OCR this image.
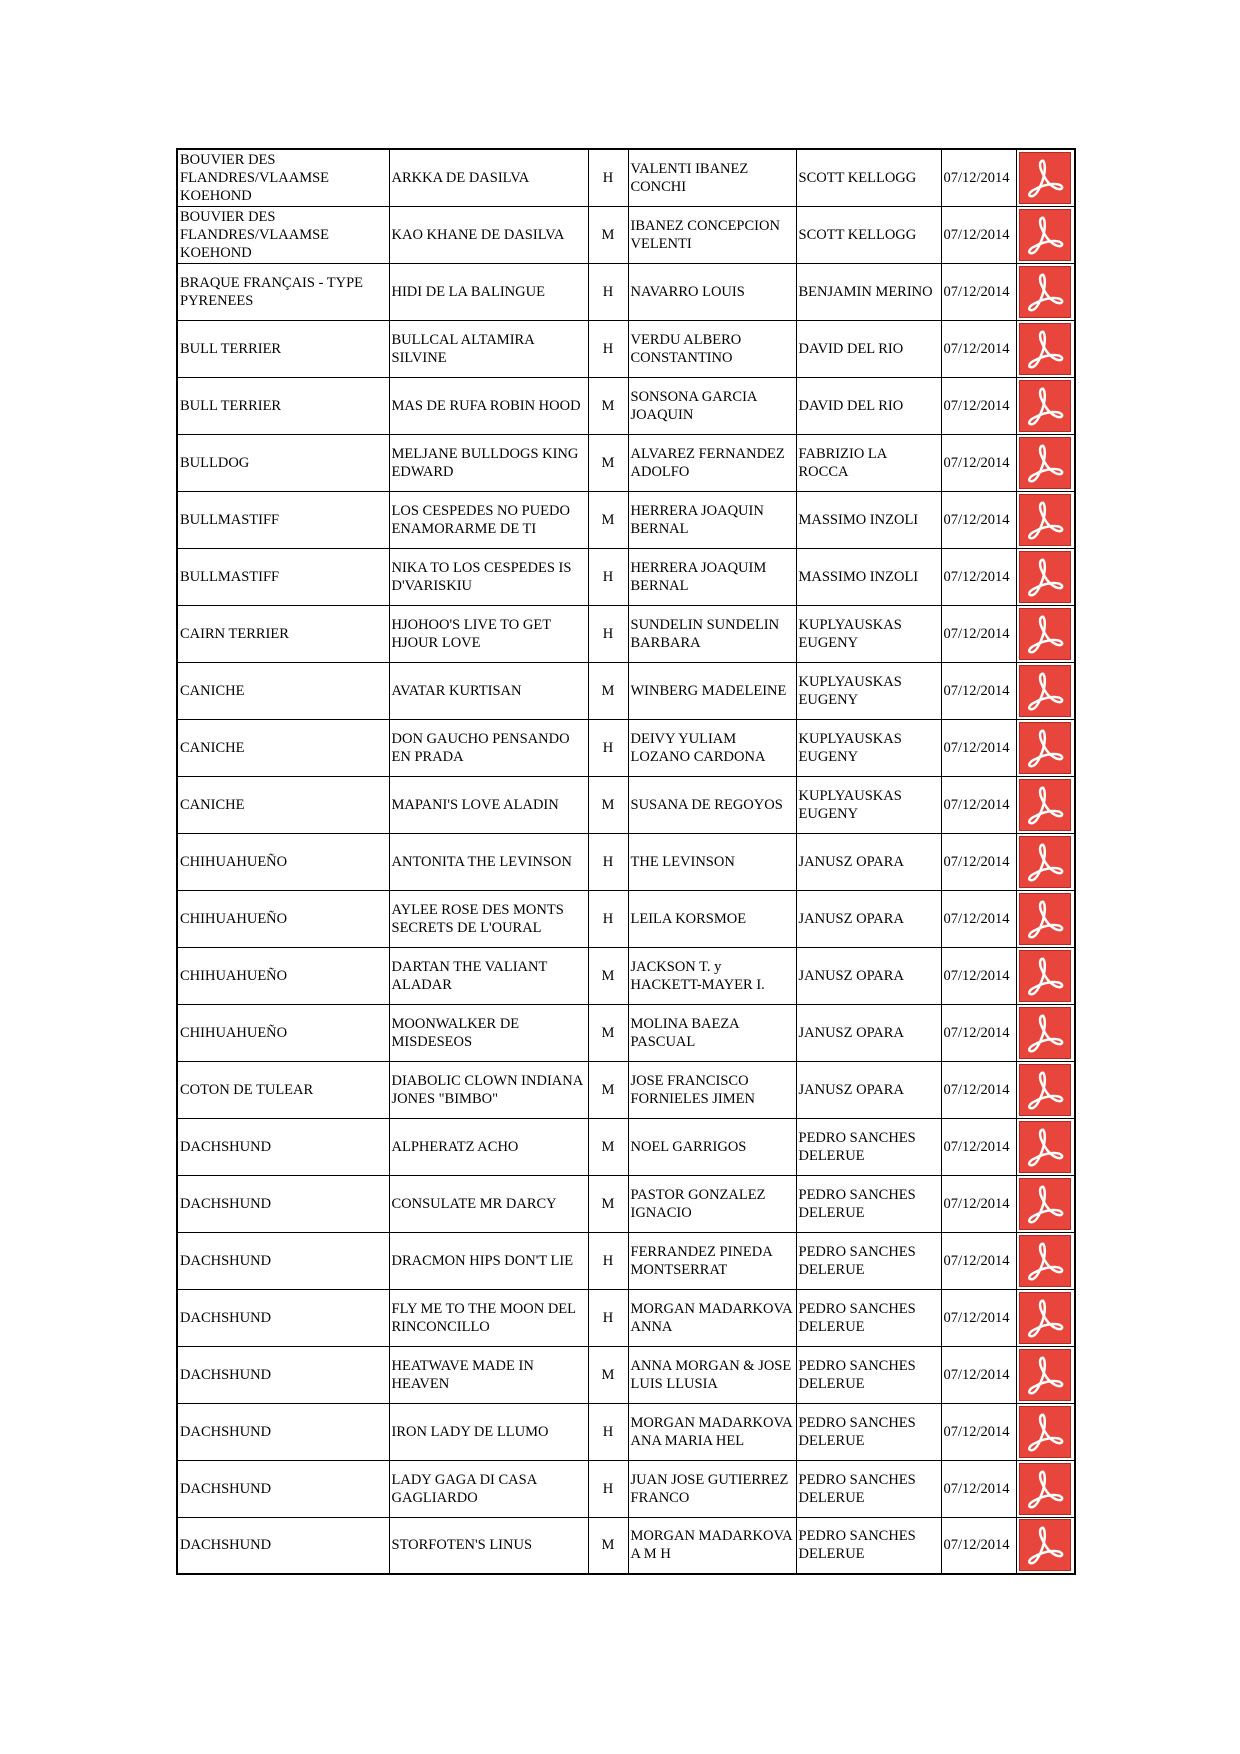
BOUVIER DES FLANDRES/VLAAMSE KOEHOND	ARKKA DE DASILVA	H	VALENTI IBANEZ CONCHI	SCOTT KELLOGG	07/12/2014	

BOUVIER DES FLANDRES/VLAAMSE KOEHOND	KAO KHANE DE DASILVA	M	IBANEZ CONCEPCION VELENTI	SCOTT KELLOGG	07/12/2014	

BRAQUE FRANÇAIS - TYPE PYRENEES	HIDI DE LA BALINGUE	H	NAVARRO LOUIS	BENJAMIN MERINO	07/12/2014	

BULL TERRIER	BULLCAL ALTAMIRA SILVINE	H	VERDU ALBERO CONSTANTINO	DAVID DEL RIO	07/12/2014	

BULL TERRIER	MAS DE RUFA ROBIN HOOD	M	SONSONA GARCIA JOAQUIN	DAVID DEL RIO	07/12/2014	

BULLDOG	MELJANE BULLDOGS KING EDWARD	M	ALVAREZ FERNANDEZ ADOLFO	FABRIZIO LA ROCCA	07/12/2014	

BULLMASTIFF	LOS CESPEDES NO PUEDO ENAMORARME DE TI	M	HERRERA JOAQUIN BERNAL	MASSIMO INZOLI	07/12/2014	

BULLMASTIFF	NIKA TO LOS CESPEDES IS D'VARISKIU	H	HERRERA JOAQUIM BERNAL	MASSIMO INZOLI	07/12/2014	

CAIRN TERRIER	HJOHOO'S LIVE TO GET HJOUR LOVE	H	SUNDELIN SUNDELIN BARBARA	KUPLYAUSKAS EUGENY	07/12/2014	

CANICHE	AVATAR KURTISAN	M	WINBERG MADELEINE	KUPLYAUSKAS EUGENY	07/12/2014	

CANICHE	DON GAUCHO PENSANDO EN PRADA	H	DEIVY YULIAM LOZANO CARDONA	KUPLYAUSKAS EUGENY	07/12/2014	

CANICHE	MAPANI'S LOVE ALADIN	M	SUSANA DE REGOYOS	KUPLYAUSKAS EUGENY	07/12/2014	

CHIHUAHUEÑO	ANTONITA THE LEVINSON	H	THE LEVINSON	JANUSZ OPARA	07/12/2014	

CHIHUAHUEÑO	AYLEE ROSE DES MONTS SECRETS DE L'OURAL	H	LEILA KORSMOE	JANUSZ OPARA	07/12/2014	

CHIHUAHUEÑO	DARTAN THE VALIANT ALADAR	M	JACKSON T. y HACKETT-MAYER I.	JANUSZ OPARA	07/12/2014	

CHIHUAHUEÑO	MOONWALKER DE MISDESEOS	M	MOLINA BAEZA PASCUAL	JANUSZ OPARA	07/12/2014	

COTON DE TULEAR	DIABOLIC CLOWN INDIANA JONES "BIMBO"	M	JOSE FRANCISCO FORNIELES JIMEN	JANUSZ OPARA	07/12/2014	

DACHSHUND	ALPHERATZ ACHO	M	NOEL GARRIGOS	PEDRO SANCHES DELERUE	07/12/2014	

DACHSHUND	CONSULATE MR DARCY	M	PASTOR GONZALEZ IGNACIO	PEDRO SANCHES DELERUE	07/12/2014	

DACHSHUND	DRACMON HIPS DON'T LIE	H	FERRANDEZ PINEDA MONTSERRAT	PEDRO SANCHES DELERUE	07/12/2014	

DACHSHUND	FLY ME TO THE MOON DEL RINCONCILLO	H	MORGAN MADARKOVA ANNA	PEDRO SANCHES DELERUE	07/12/2014	

DACHSHUND	HEATWAVE MADE IN HEAVEN	M	ANNA MORGAN & JOSE LUIS LLUSIA	PEDRO SANCHES DELERUE	07/12/2014	

DACHSHUND	IRON LADY DE LLUMO	H	MORGAN MADARKOVA ANA MARIA HEL	PEDRO SANCHES DELERUE	07/12/2014	

DACHSHUND	LADY GAGA DI CASA GAGLIARDO	H	JUAN JOSE GUTIERREZ FRANCO	PEDRO SANCHES DELERUE	07/12/2014	

DACHSHUND	STORFOTEN'S LINUS	M	MORGAN MADARKOVA A M H	PEDRO SANCHES DELERUE	07/12/2014	
